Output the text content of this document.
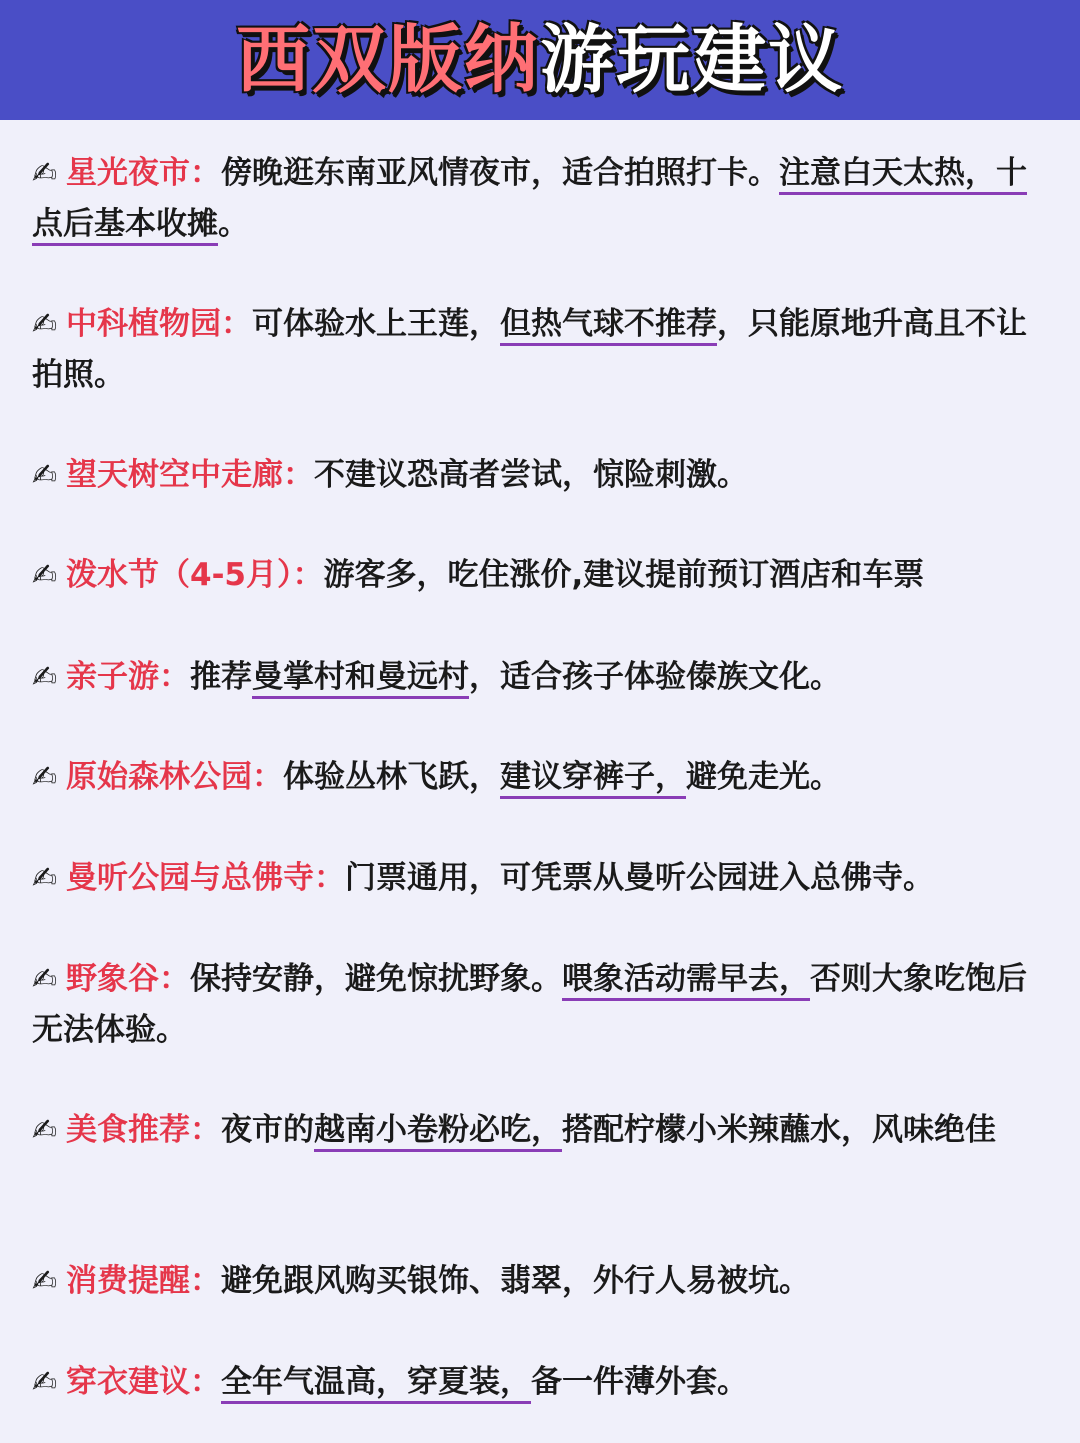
西双版纳游玩建议
✍ 星光夜市：傍晚逛东南亚风情夜市，适合拍照打卡。注意白天太热，十点后基本收摊。
✍ 中科植物园：可体验水上王莲，但热气球不推荐，只能原地升高且不让拍照。
✍ 望天树空中走廊：不建议恐高者尝试，惊险刺激。
✍ 泼水节（4-5月）：游客多，吃住涨价,建议提前预订酒店和车票
✍ 亲子游：推荐曼掌村和曼远村，适合孩子体验傣族文化。
✍ 原始森林公园：体验丛林飞跃，建议穿裤子，避免走光。
✍ 曼听公园与总佛寺：门票通用，可凭票从曼听公园进入总佛寺。
✍ 野象谷：保持安静，避免惊扰野象。喂象活动需早去，否则大象吃饱后无法体验。
✍ 美食推荐：夜市的越南小卷粉必吃，搭配柠檬小米辣蘸水，风味绝佳
✍ 消费提醒：避免跟风购买银饰、翡翠，外行人易被坑。
✍ 穿衣建议：全年气温高，穿夏装，备一件薄外套。
